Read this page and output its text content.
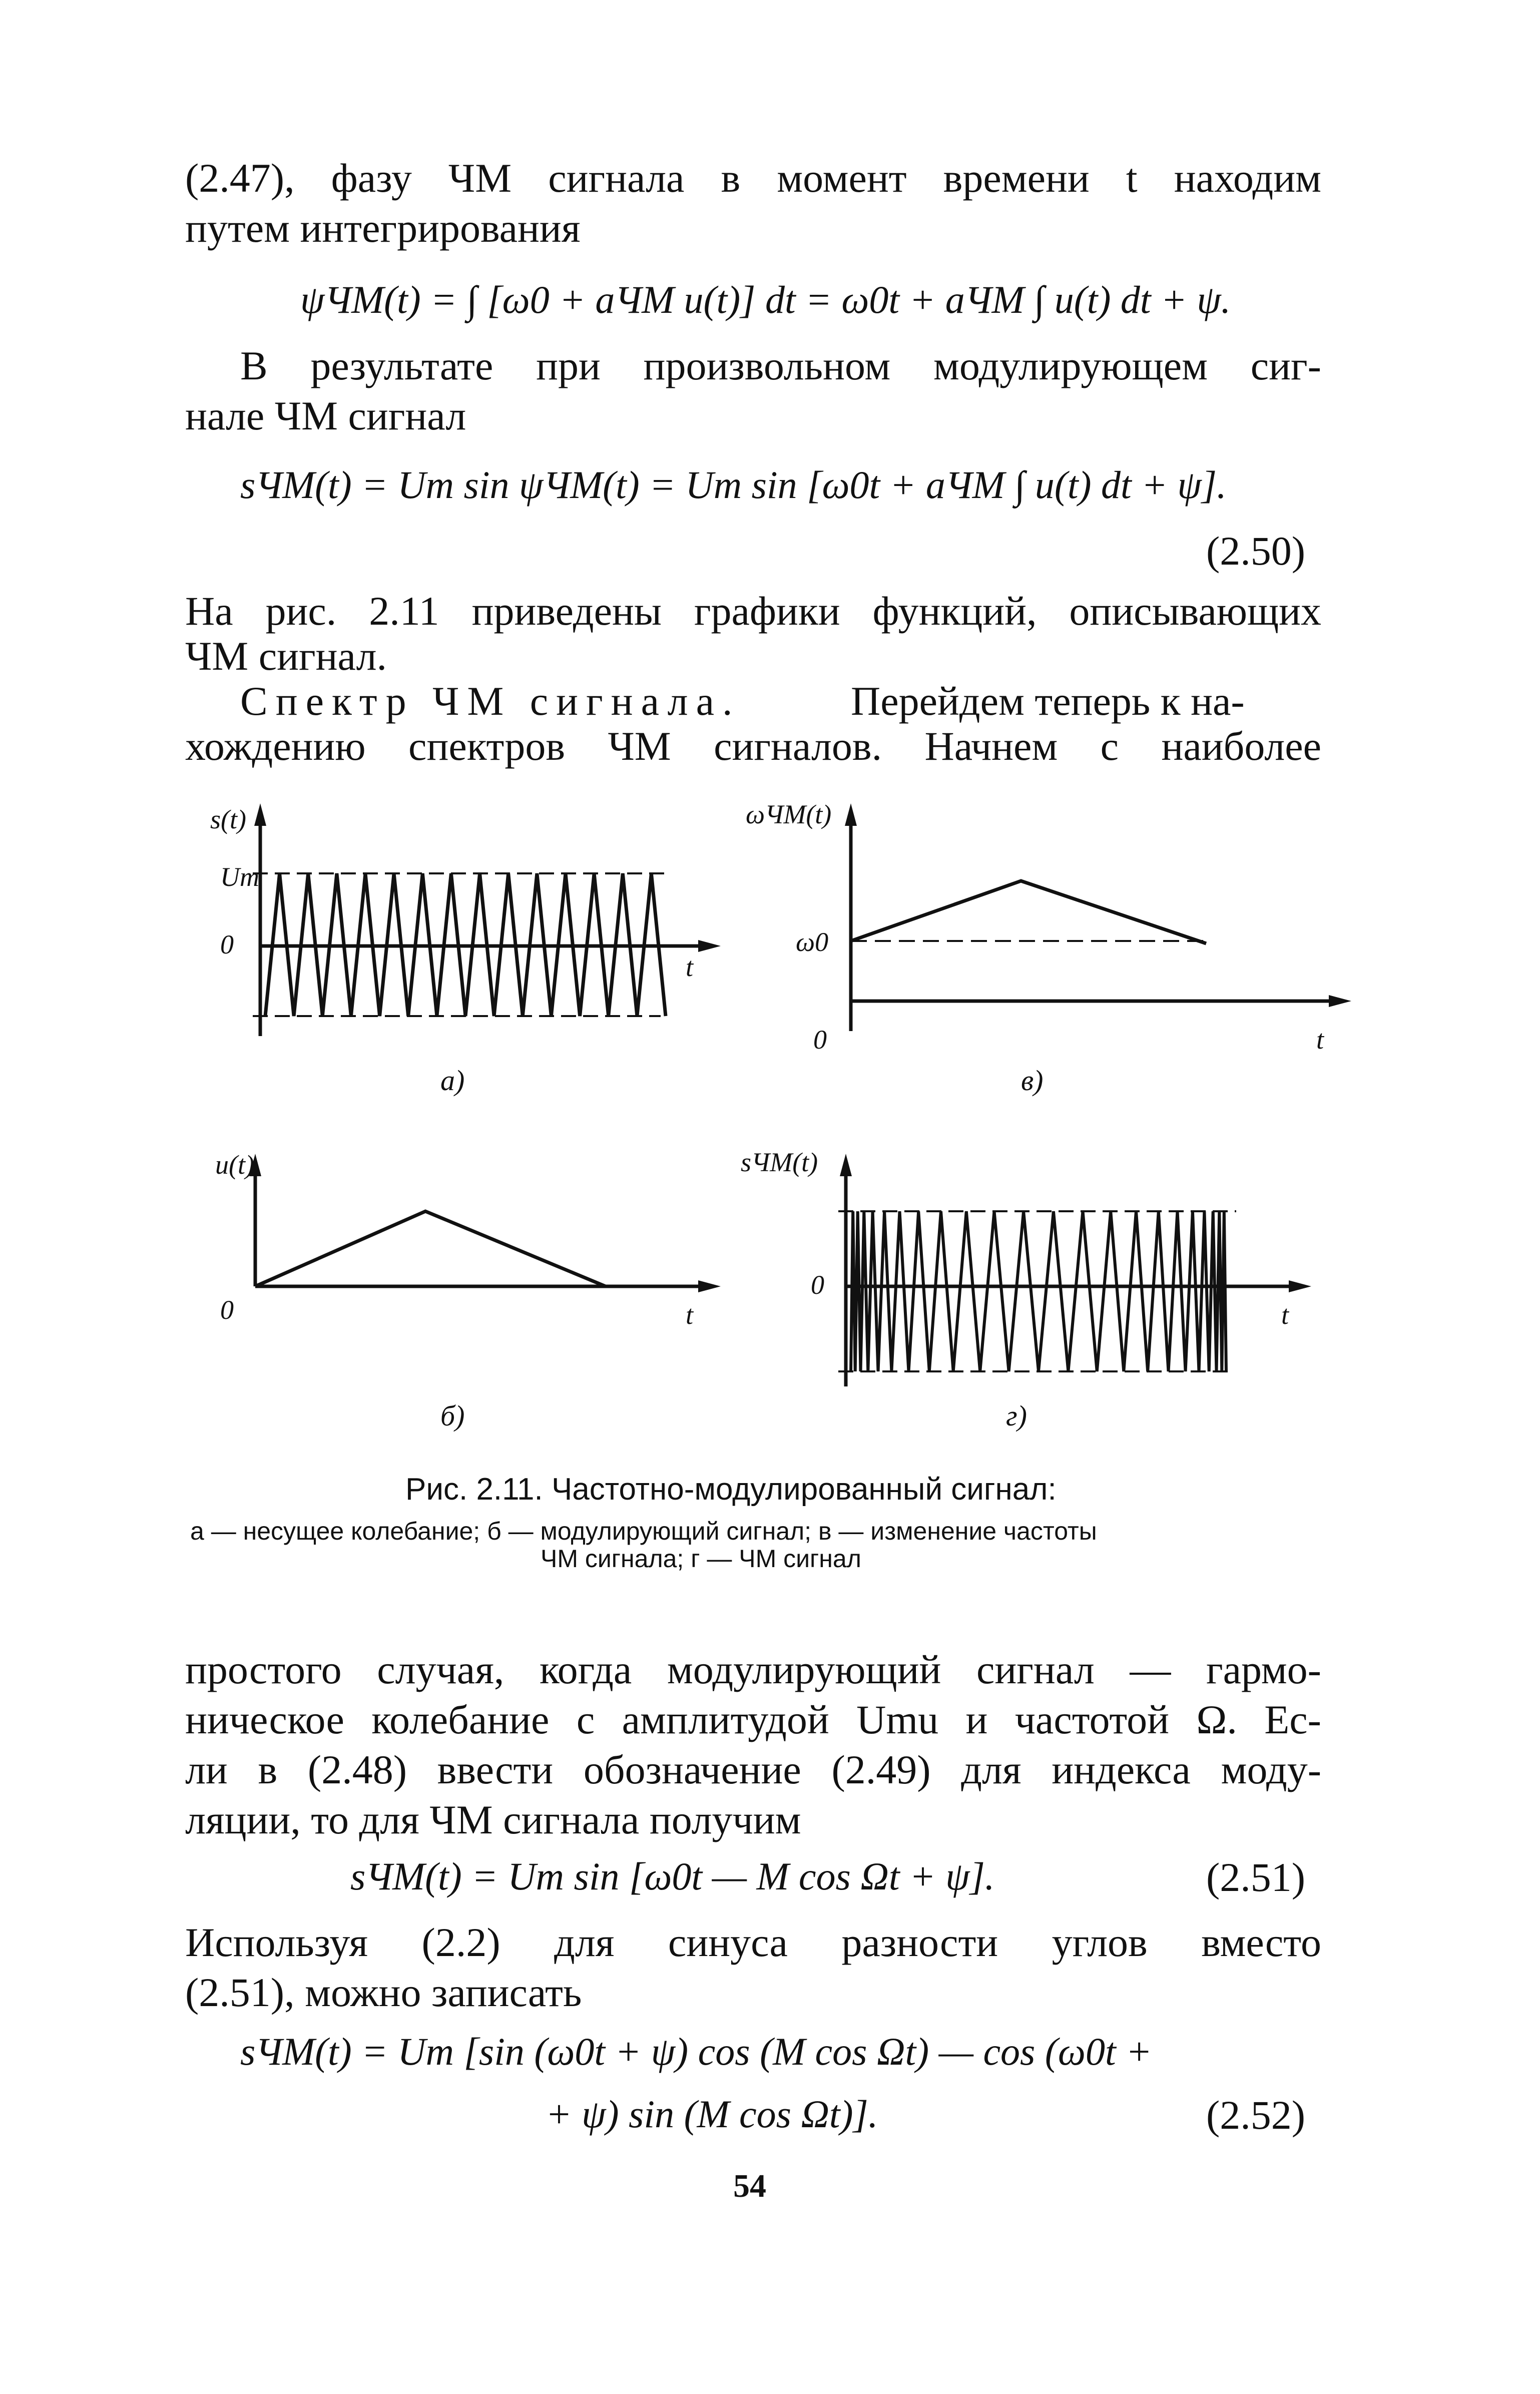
(2.47), фазу ЧМ сигнала в момент времени t находим
путем интегрирования
ψЧМ(t) = ∫ [ω0 + aЧМ u(t)] dt = ω0t + aЧМ ∫ u(t) dt + ψ.
В результате при произвольном модулирующем сиг-
нале ЧМ сигнал
sЧМ(t) = Um sin ψЧМ(t) = Um sin [ω0t + aЧМ ∫ u(t) dt + ψ].
(2.50)
На рис. 2.11 приведены графики функций, описывающих
ЧМ сигнал.
Спектр ЧМ сигнала.	Перейдем теперь к на-
хождению спектров ЧМ сигналов. Начнем с наиболее
s(t)
Um
0
t
а)
ωЧМ(t)
ω0
0	t
в)
u(t)
0	t
б)
sЧМ(t)
0
t
г)
Рис. 2.11. Частотно-модулированный сигнал:
а — несущее колебание; б — модулирующий сигнал; в — изменение частоты
ЧМ сигнала; г — ЧМ сигнал
простого случая, когда модулирующий сигнал — гармо-
ническое колебание с амплитудой Umu и частотой Ω. Ес-
ли в (2.48) ввести обозначение (2.49) для индекса моду-
ляции, то для ЧМ сигнала получим
sЧМ(t) = Um sin [ω0t — M cos Ωt + ψ].	(2.51)
Используя (2.2) для синуса разности углов вместо
(2.51), можно записать
sЧМ(t) = Um [sin (ω0t + ψ) cos (M cos Ωt) — cos (ω0t +
+ ψ) sin (M cos Ωt)].	(2.52)
54
